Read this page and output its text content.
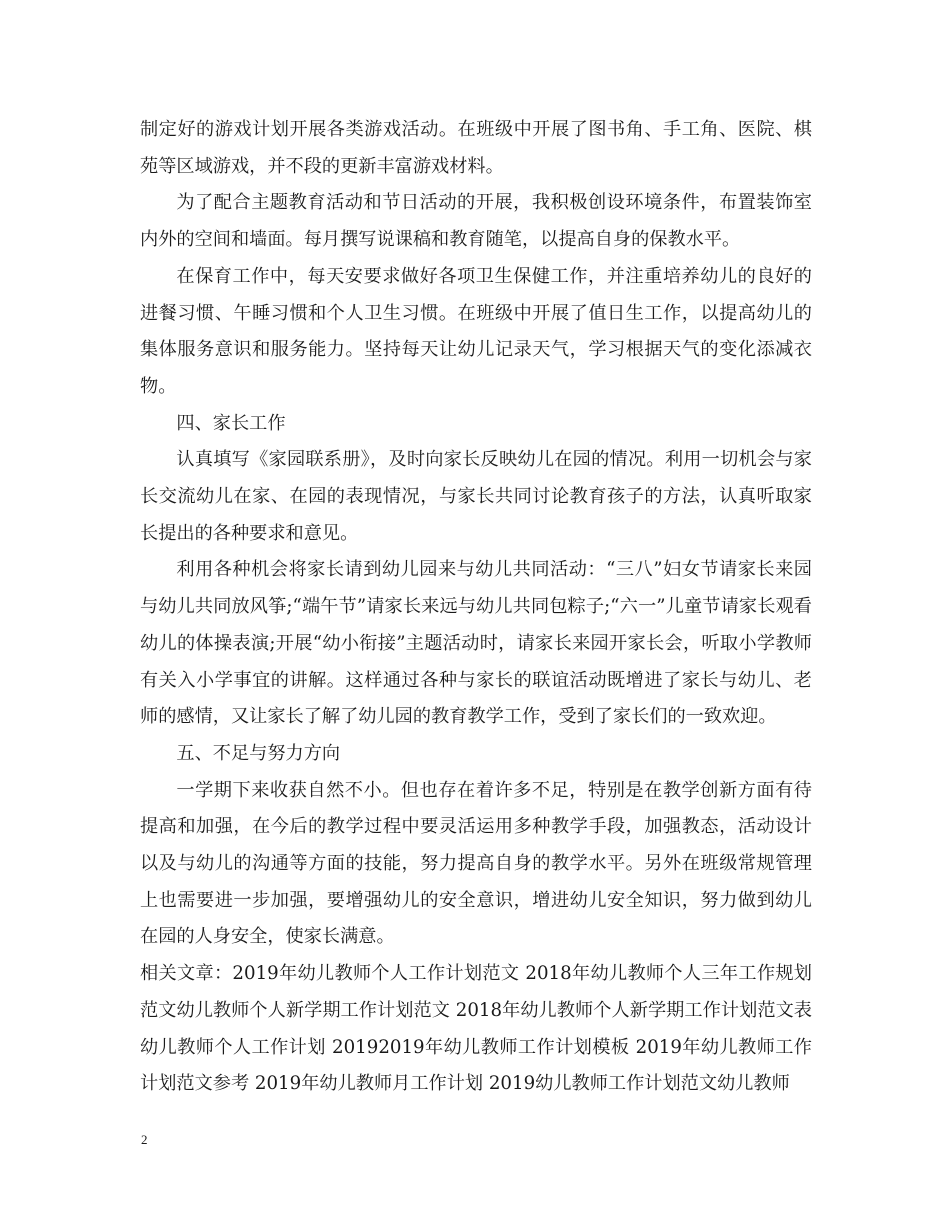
制定好的游戏计划开展各类游戏活动。在班级中开展了图书角、手工角、医院、棋苑等区域游戏，并不段的更新丰富游戏材料。

为了配合主题教育活动和节日活动的开展，我积极创设环境条件，布置装饰室内外的空间和墙面。每月撰写说课稿和教育随笔，以提高自身的保教水平。

在保育工作中，每天安要求做好各项卫生保健工作，并注重培养幼儿的良好的进餐习惯、午睡习惯和个人卫生习惯。在班级中开展了值日生工作，以提高幼儿的集体服务意识和服务能力。坚持每天让幼儿记录天气，学习根据天气的变化添减衣物。

四、家长工作

认真填写《家园联系册》，及时向家长反映幼儿在园的情况。利用一切机会与家长交流幼儿在家、在园的表现情况，与家长共同讨论教育孩子的方法，认真听取家长提出的各种要求和意见。

利用各种机会将家长请到幼儿园来与幼儿共同活动：“三八”妇女节请家长来园与幼儿共同放风筝;“端午节”请家长来远与幼儿共同包粽子;“六一”儿童节请家长观看幼儿的体操表演;开展“幼小衔接”主题活动时，请家长来园开家长会，听取小学教师有关入小学事宜的讲解。这样通过各种与家长的联谊活动既增进了家长与幼儿、老师的感情，又让家长了解了幼儿园的教育教学工作，受到了家长们的一致欢迎。

五、不足与努力方向

一学期下来收获自然不小。但也存在着许多不足，特别是在教学创新方面有待提高和加强，在今后的教学过程中要灵活运用多种教学手段，加强教态，活动设计以及与幼儿的沟通等方面的技能，努力提高自身的教学水平。另外在班级常规管理上也需要进一步加强，要增强幼儿的安全意识，增进幼儿安全知识，努力做到幼儿在园的人身安全，使家长满意。

相关文章：2019年幼儿教师个人工作计划范文 2018年幼儿教师个人三年工作规划范文幼儿教师个人新学期工作计划范文 2018年幼儿教师个人新学期工作计划范文表幼儿教师个人工作计划 20192019年幼儿教师工作计划模板 2019年幼儿教师工作计划范文参考 2019年幼儿教师月工作计划 2019幼儿教师工作计划范文幼儿教师

2
